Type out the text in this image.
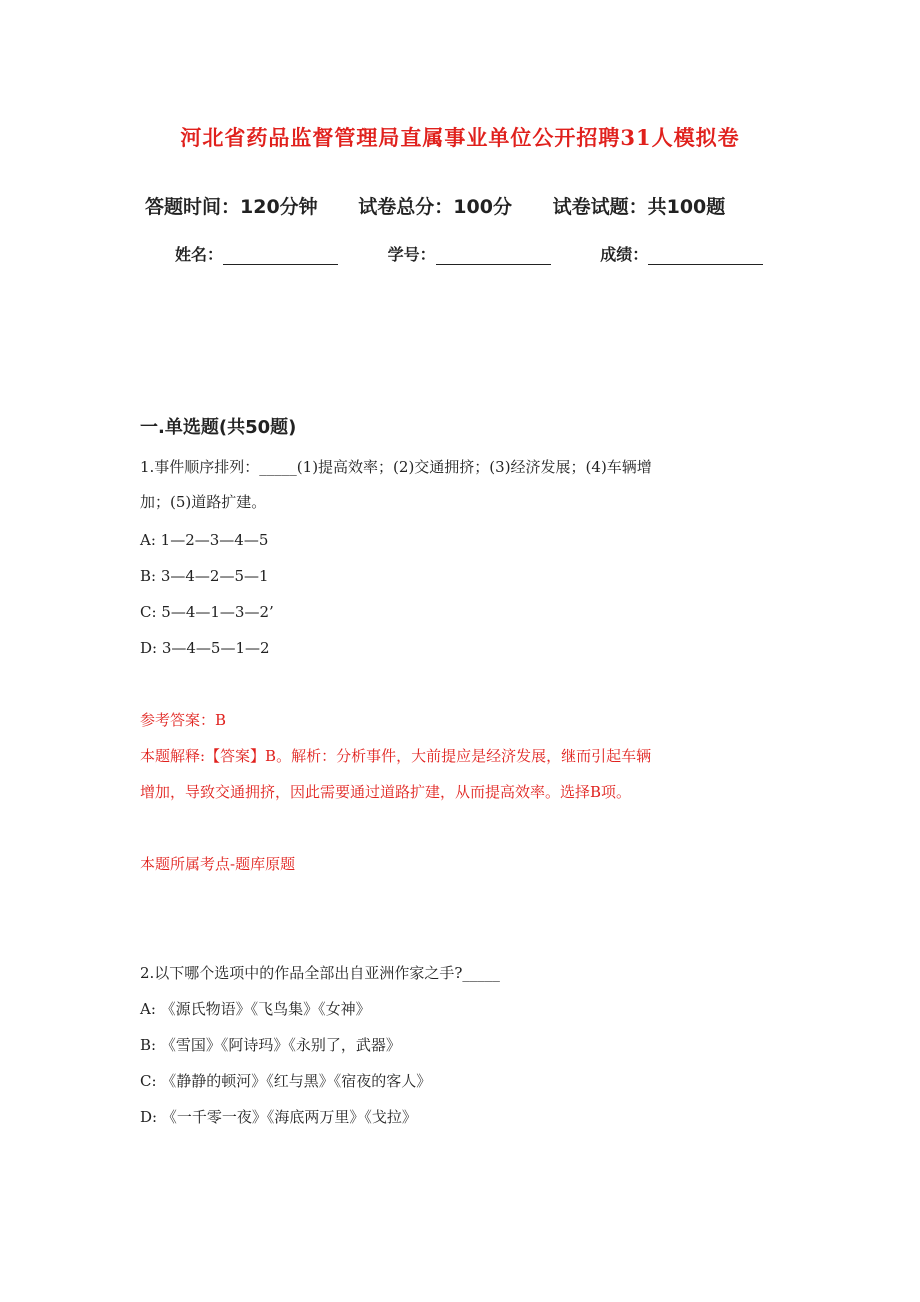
河北省药品监督管理局直属事业单位公开招聘31人模拟卷
答题时间：120分钟 试卷总分：100分 试卷试题：共100题
姓名：	学号：	成绩：
一.单选题(共50题)
1.事件顺序排列：_____(1)提高效率；(2)交通拥挤；(3)经济发展；(4)车辆增
加；(5)道路扩建。
A: 1—2—3—4—5
B: 3—4—2—5—1
C: 5—4—1—3—2’
D: 3—4—5—1—2
参考答案：B
本题解释:【答案】B。解析：分析事件，大前提应是经济发展，继而引起车辆
增加，导致交通拥挤，因此需要通过道路扩建，从而提高效率。选择B项。
本题所属考点-题库原题
2.以下哪个选项中的作品全部出自亚洲作家之手?_____
A: 《源氏物语》《飞鸟集》《女神》
B: 《雪国》《阿诗玛》《永别了，武器》
C: 《静静的顿河》《红与黑》《宿夜的客人》
D: 《一千零一夜》《海底两万里》《戈拉》
